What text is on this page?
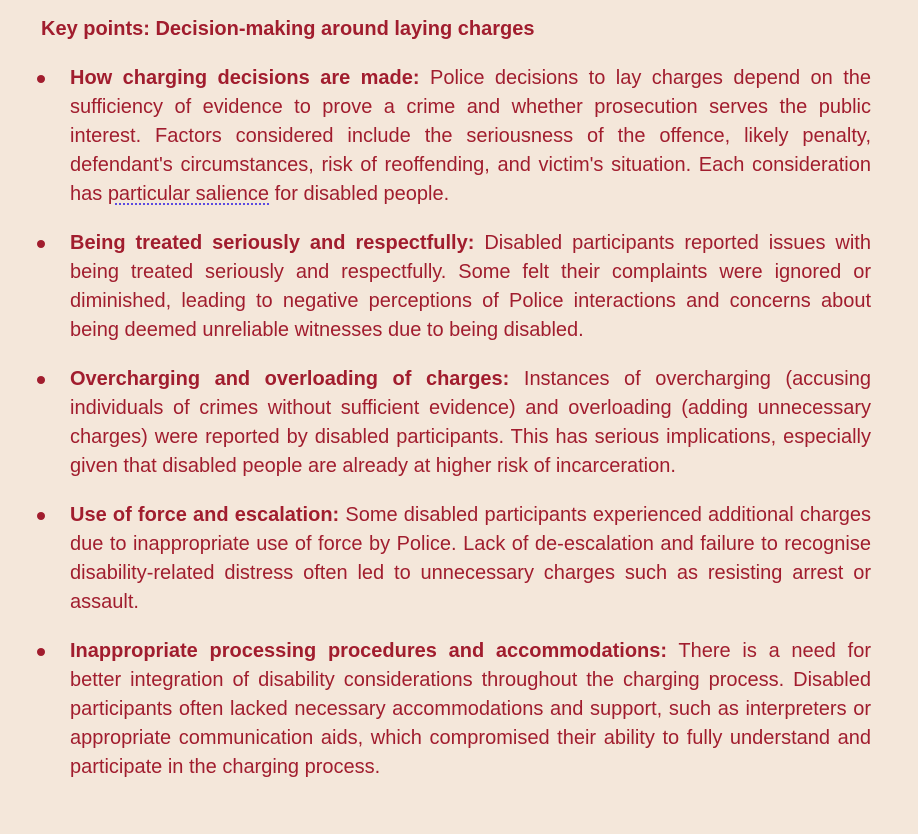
Key points: Decision-making around laying charges
How charging decisions are made: Police decisions to lay charges depend on the sufficiency of evidence to prove a crime and whether prosecution serves the public interest. Factors considered include the seriousness of the offence, likely penalty, defendant's circumstances, risk of reoffending, and victim's situation. Each consideration has particular salience for disabled people.
Being treated seriously and respectfully: Disabled participants reported issues with being treated seriously and respectfully. Some felt their complaints were ignored or diminished, leading to negative perceptions of Police interactions and concerns about being deemed unreliable witnesses due to being disabled.
Overcharging and overloading of charges: Instances of overcharging (accusing individuals of crimes without sufficient evidence) and overloading (adding unnecessary charges) were reported by disabled participants. This has serious implications, especially given that disabled people are already at higher risk of incarceration.
Use of force and escalation: Some disabled participants experienced additional charges due to inappropriate use of force by Police. Lack of de-escalation and failure to recognise disability-related distress often led to unnecessary charges such as resisting arrest or assault.
Inappropriate processing procedures and accommodations: There is a need for better integration of disability considerations throughout the charging process. Disabled participants often lacked necessary accommodations and support, such as interpreters or appropriate communication aids, which compromised their ability to fully understand and participate in the charging process.
